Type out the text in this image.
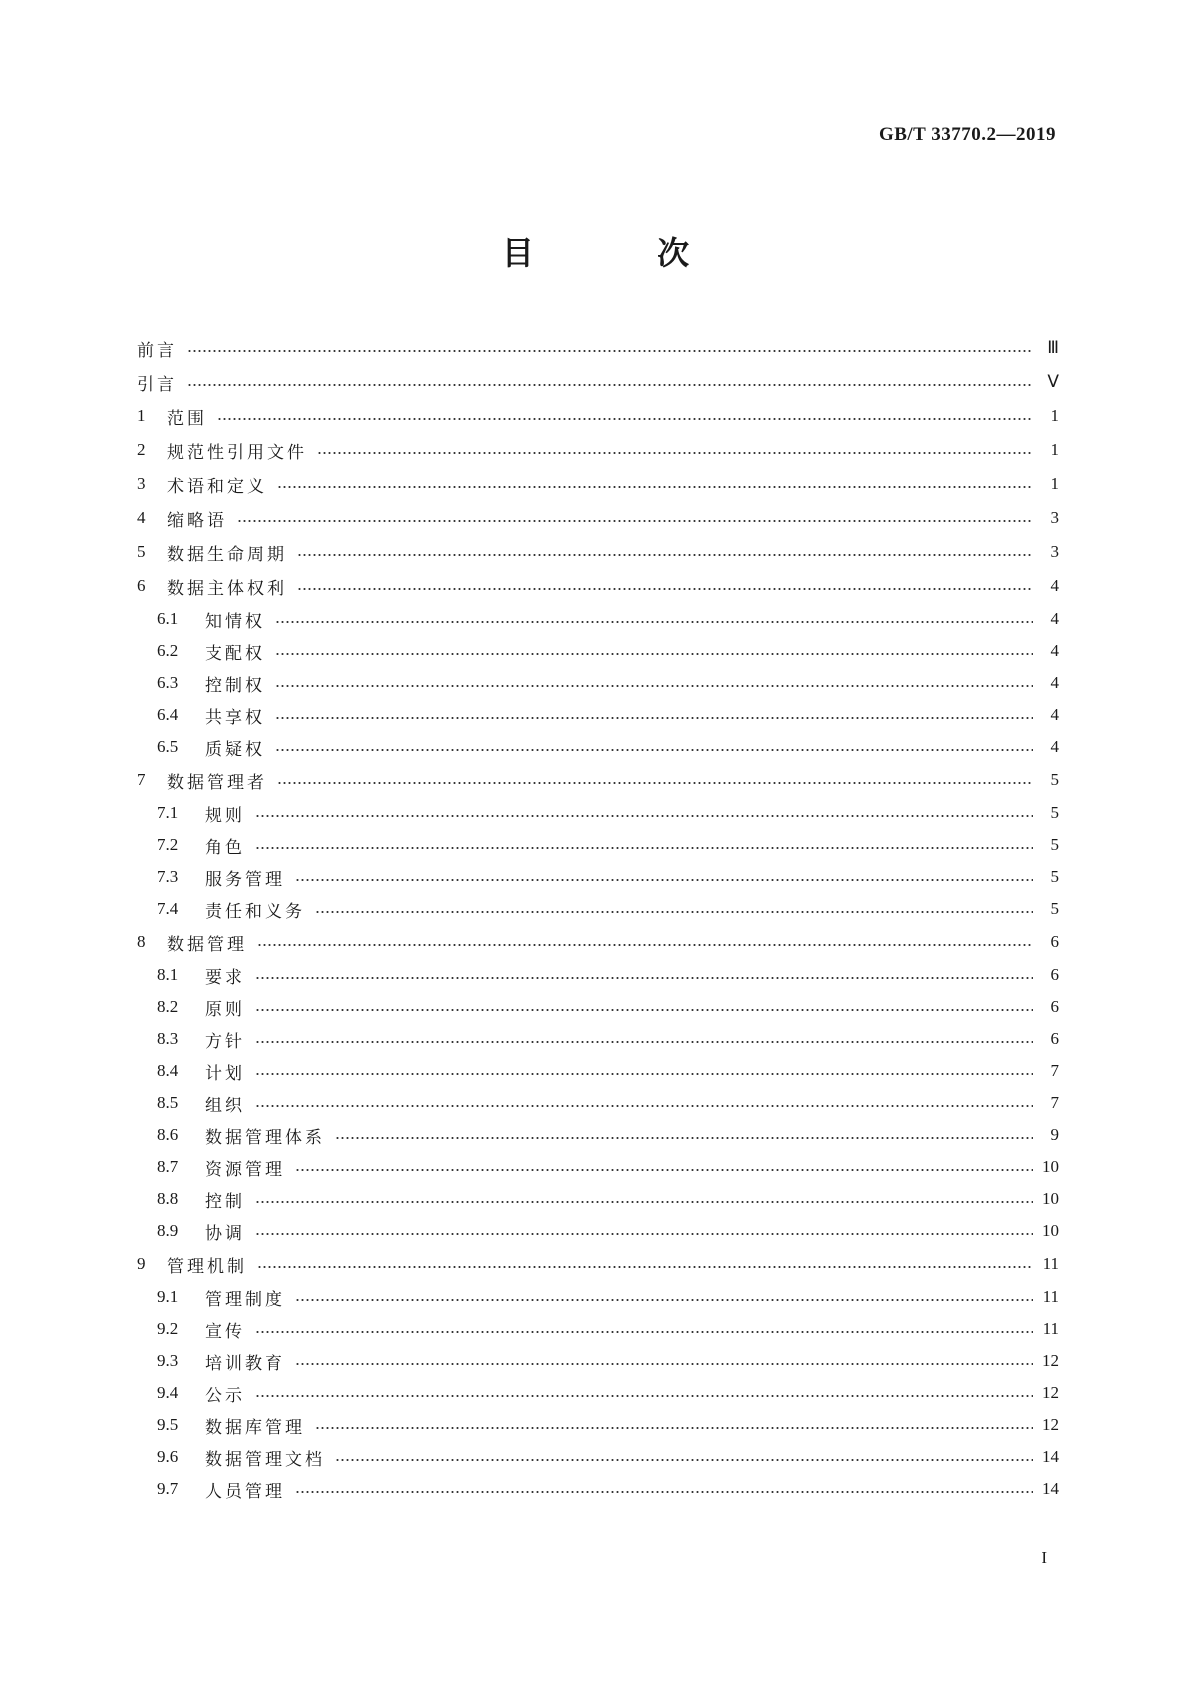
GB/T 33770.2—2019
目 次
前言	Ⅲ
引言	Ⅴ
1	范围	1
2	规范性引用文件	1
3	术语和定义	1
4	缩略语	3
5	数据生命周期	3
6	数据主体权利	4
6.1	知情权	4
6.2	支配权	4
6.3	控制权	4
6.4	共享权	4
6.5	质疑权	4
7	数据管理者	5
7.1	规则	5
7.2	角色	5
7.3	服务管理	5
7.4	责任和义务	5
8	数据管理	6
8.1	要求	6
8.2	原则	6
8.3	方针	6
8.4	计划	7
8.5	组织	7
8.6	数据管理体系	9
8.7	资源管理	10
8.8	控制	10
8.9	协调	10
9	管理机制	11
9.1	管理制度	11
9.2	宣传	11
9.3	培训教育	12
9.4	公示	12
9.5	数据库管理	12
9.6	数据管理文档	14
9.7	人员管理	14
I
